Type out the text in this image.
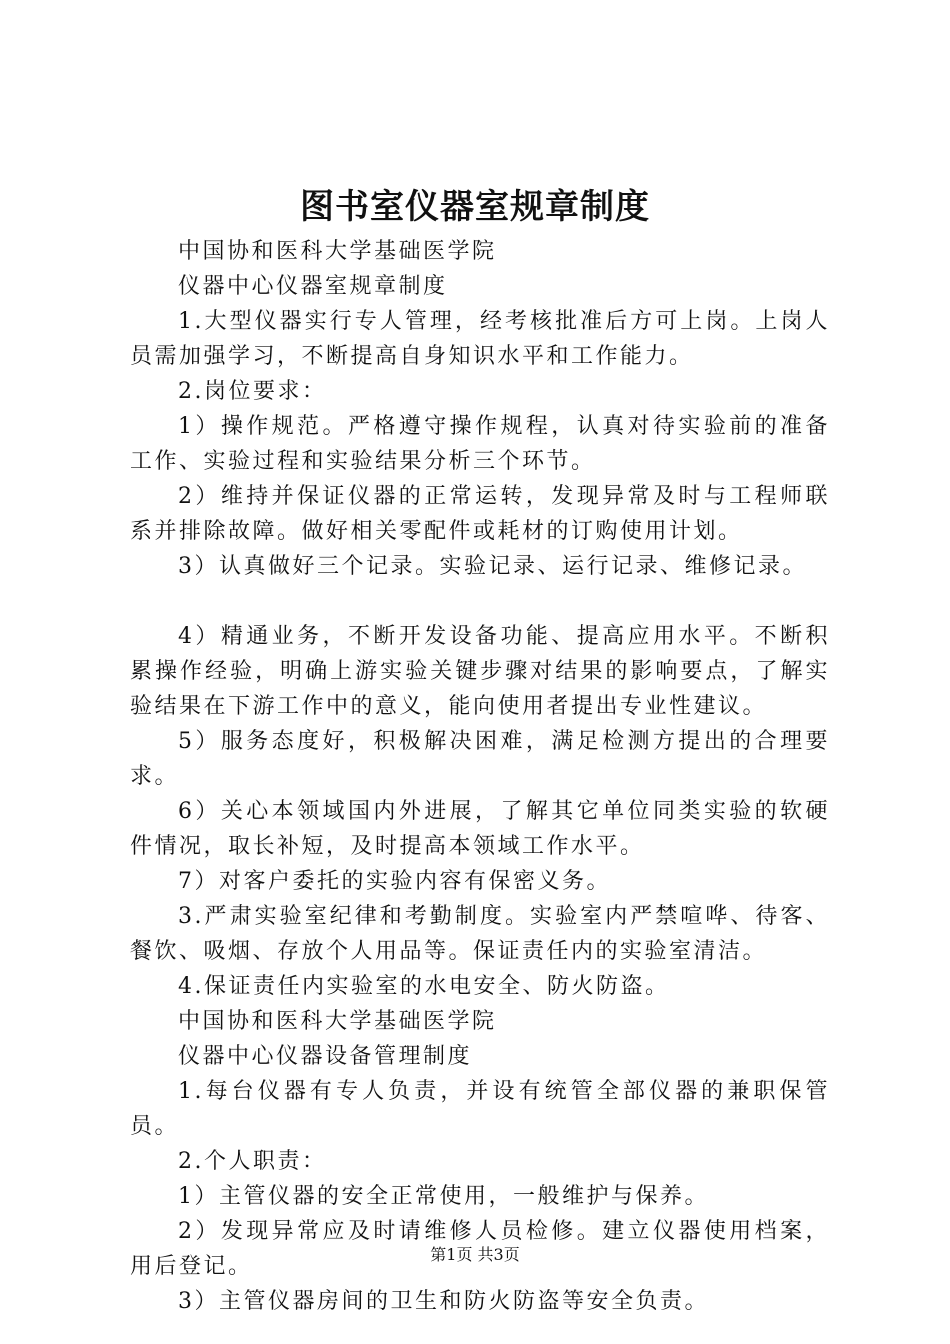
图书室仪器室规章制度

中国协和医科大学基础医学院

仪器中心仪器室规章制度

1.大型仪器实行专人管理，经考核批准后方可上岗。上岗人员需加强学习，不断提高自身知识水平和工作能力。

2.岗位要求：

1）操作规范。严格遵守操作规程，认真对待实验前的准备工作、实验过程和实验结果分析三个环节。

2）维持并保证仪器的正常运转，发现异常及时与工程师联系并排除故障。做好相关零配件或耗材的订购使用计划。

3）认真做好三个记录。实验记录、运行记录、维修记录。

4）精通业务，不断开发设备功能、提高应用水平。不断积累操作经验，明确上游实验关键步骤对结果的影响要点，了解实验结果在下游工作中的意义，能向使用者提出专业性建议。

5）服务态度好，积极解决困难，满足检测方提出的合理要求。

6）关心本领域国内外进展，了解其它单位同类实验的软硬件情况，取长补短，及时提高本领域工作水平。

7）对客户委托的实验内容有保密义务。

3.严肃实验室纪律和考勤制度。实验室内严禁喧哗、待客、餐饮、吸烟、存放个人用品等。保证责任内的实验室清洁。

4.保证责任内实验室的水电安全、防火防盗。

中国协和医科大学基础医学院

仪器中心仪器设备管理制度

1.每台仪器有专人负责，并设有统管全部仪器的兼职保管员。

2.个人职责：

1）主管仪器的安全正常使用，一般维护与保养。

2）发现异常应及时请维修人员检修。建立仪器使用档案，用后登记。

3）主管仪器房间的卫生和防火防盗等安全负责。

第1页 共3页
